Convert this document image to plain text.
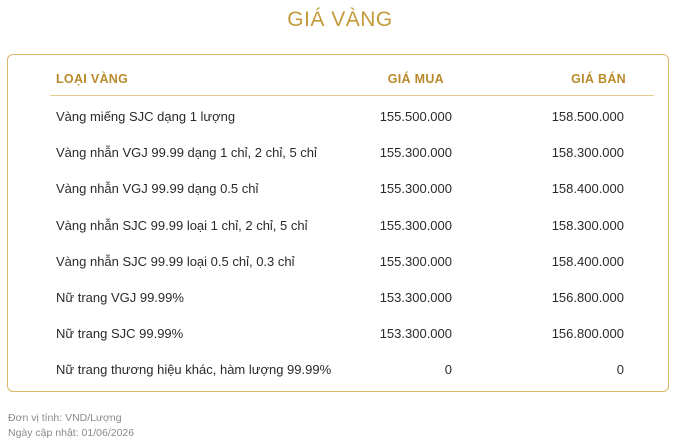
GIÁ VÀNG
LOẠI VÀNG	GIÁ MUA	GIÁ BÁN
Vàng miếng SJC dạng 1 lượng	155.500.000	158.500.000
Vàng nhẫn VGJ 99.99 dạng 1 chỉ, 2 chỉ, 5 chỉ	155.300.000	158.300.000
Vàng nhẫn VGJ 99.99 dạng 0.5 chỉ	155.300.000	158.400.000
Vàng nhẫn SJC 99.99 loại 1 chỉ, 2 chỉ, 5 chỉ	155.300.000	158.300.000
Vàng nhẫn SJC 99.99 loại 0.5 chỉ, 0.3 chỉ	155.300.000	158.400.000
Nữ trang VGJ 99.99%	153.300.000	156.800.000
Nữ trang SJC 99.99%	153.300.000	156.800.000
Nữ trang thương hiệu khác, hàm lượng 99.99%	0	0
Đơn vị tính: VND/Lượng
Ngày cập nhật: 01/06/2026
